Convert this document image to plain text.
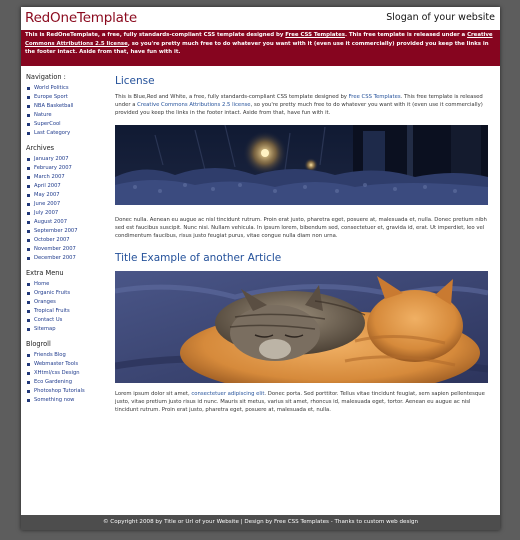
RedOneTemplate	Slogan of your website
This is RedOneTemplate, a free, fully standards-compliant CSS template designed by Free CSS Templates. This free template is released under a Creative Commons Attributions 2.5 license, so you're pretty much free to do whatever you want with it (even use it commercially) provided you keep the links in the footer intact. Aside from that, have fun with it.
Navigation :
World Politics
Europe Sport
NBA Basketball
Nature
SuperCool
Last Category
Archives
January 2007
February 2007
March 2007
April 2007
May 2007
June 2007
July 2007
August 2007
September 2007
October 2007
November 2007
December 2007
Extra Menu
Home
Organic Fruits
Oranges
Tropical Fruits
Contact Us
Sitemap
Blogroll
Friends Blog
Webmaster Tools
XHtml/css Design
Eco Gardening
Photoshop Tutorials
Something now
License
This is Blue,Red and White, a free, fully standards-compliant CSS template designed by Free CSS Templates. This free template is released under a Creative Commons Attributions 2.5 license, so you're pretty much free to do whatever you want with it (even use it commercially) provided you keep the links in the footer intact. Aside from that, have fun with it.
Donec nulla. Aenean eu augue ac nisl tincidunt rutrum. Proin erat justo, pharetra eget, posuere at, malesuada et, nulla. Donec pretium nibh sed est faucibus suscipit. Nunc nisi. Nullam vehicula. In ipsum lorem, bibendum sed, consectetuer et, gravida id, erat. Ut imperdiet, leo vel condimentum faucibus, risus justo feugiat purus, vitae congue nulla diam non urna.
Title Example of another Article
Lorem ipsum dolor sit amet, consectetuer adipiscing elit. Donec porta. Sed porttitor. Tellus vitae tincidunt feugiat, sem sapien pellentesque justo, vitae pretium justo risus id nunc. Mauris sit metus, varius sit amet, rhoncus id, malesuada eget, tortor. Aenean eu augue ac nisl tincidunt rutrum. Proin erat justo, pharetra eget, posuere at, malesuada et, nulla.
© Copyright 2008 by Title or Url of your Website | Design by Free CSS Templates - Thanks to custom web design
